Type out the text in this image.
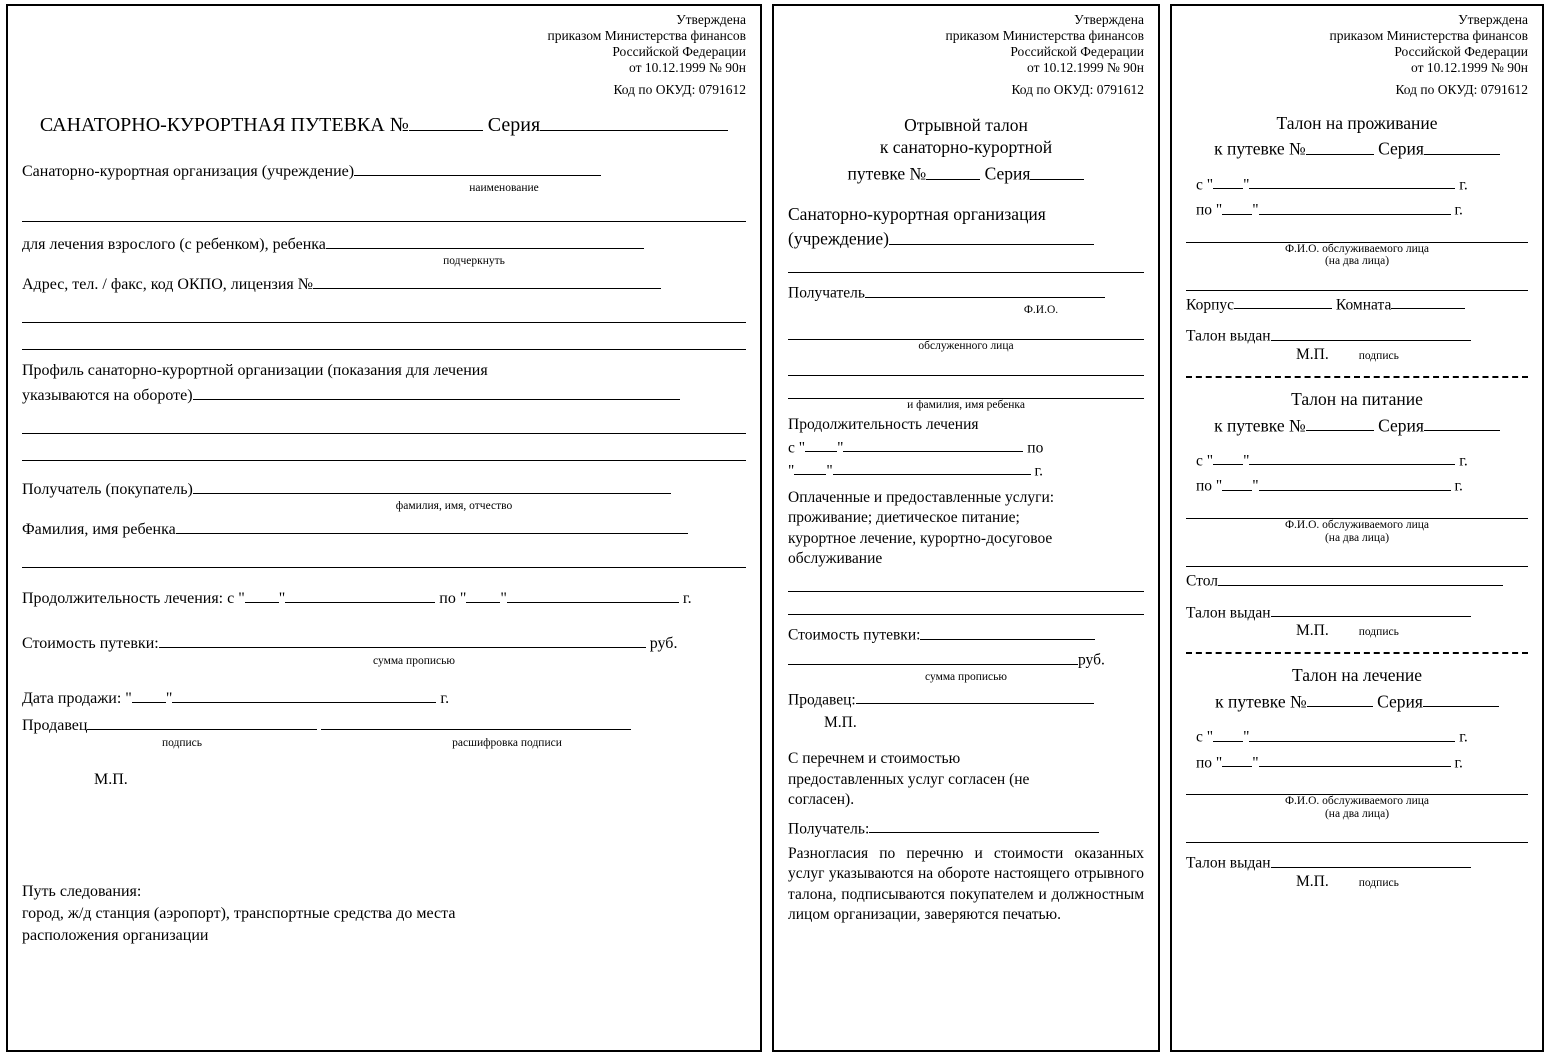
Утверждена
приказом Министерства финансов
Российской Федерации
от 10.12.1999 № 90н
Код по ОКУД: 0791612
САНАТОРНО-КУРОРТНАЯ ПУТЕВКА №	Серия
Санаторно-курортная организация (учреждение)
наименование
для лечения взрослого (с ребенком), ребенка
подчеркнуть
Адрес, тел. / факс, код ОКПО, лицензия №
Профиль санаторно-курортной организации (показания для лечения
указываются на обороте)
Получатель (покупатель)
фамилия, имя, отчество
Фамилия, имя ребенка
Продолжительность лечения: с " "	по " "	г.
Стоимость путевки:	руб.
сумма прописью
Дата продажи: " "	г.
Продавец
подпись	расшифровка подписи
М.П.
Путь следования:
город, ж/д станция (аэропорт), транспортные средства до места
расположения организации
Утверждена
приказом Министерства финансов
Российской Федерации
от 10.12.1999 № 90н
Код по ОКУД: 0791612
Отрывной талон
к санаторно-курортной
путевке №	Серия
Санаторно-курортная организация
(учреждение)
Получатель
Ф.И.О.
обслуженного лица
и фамилия, имя ребенка
Продолжительность лечения
с " "	по
" "	г.
Оплаченные и предоставленные услуги:
проживание; диетическое питание;
курортное лечение, курортно-досуговое
обслуживание
Стоимость путевки:
руб.
сумма прописью
Продавец:
М.П.
С перечнем и стоимостью
предоставленных услуг согласен (не
согласен).
Получатель:
Разногласия по перечню и стоимости оказанных услуг указываются на обороте настоящего отрывного талона, подписываются покупателем и должностным лицом организации, заверяются печатью.
Утверждена
приказом Министерства финансов
Российской Федерации
от 10.12.1999 № 90н
Код по ОКУД: 0791612
Талон на проживание
к путевке №	Серия
с " "	г.
по " "	г.
Ф.И.О. обслуживаемого лица
(на два лица)
Корпус	Комната
Талон выдан
М.П.	подпись
Талон на питание
к путевке №	Серия
с " "	г.
по " "	г.
Ф.И.О. обслуживаемого лица
(на два лица)
Стол
Талон выдан
М.П.	подпись
Талон на лечение
к путевке №	Серия
с " "	г.
по " "	г.
Ф.И.О. обслуживаемого лица
(на два лица)
Талон выдан
М.П.	подпись
